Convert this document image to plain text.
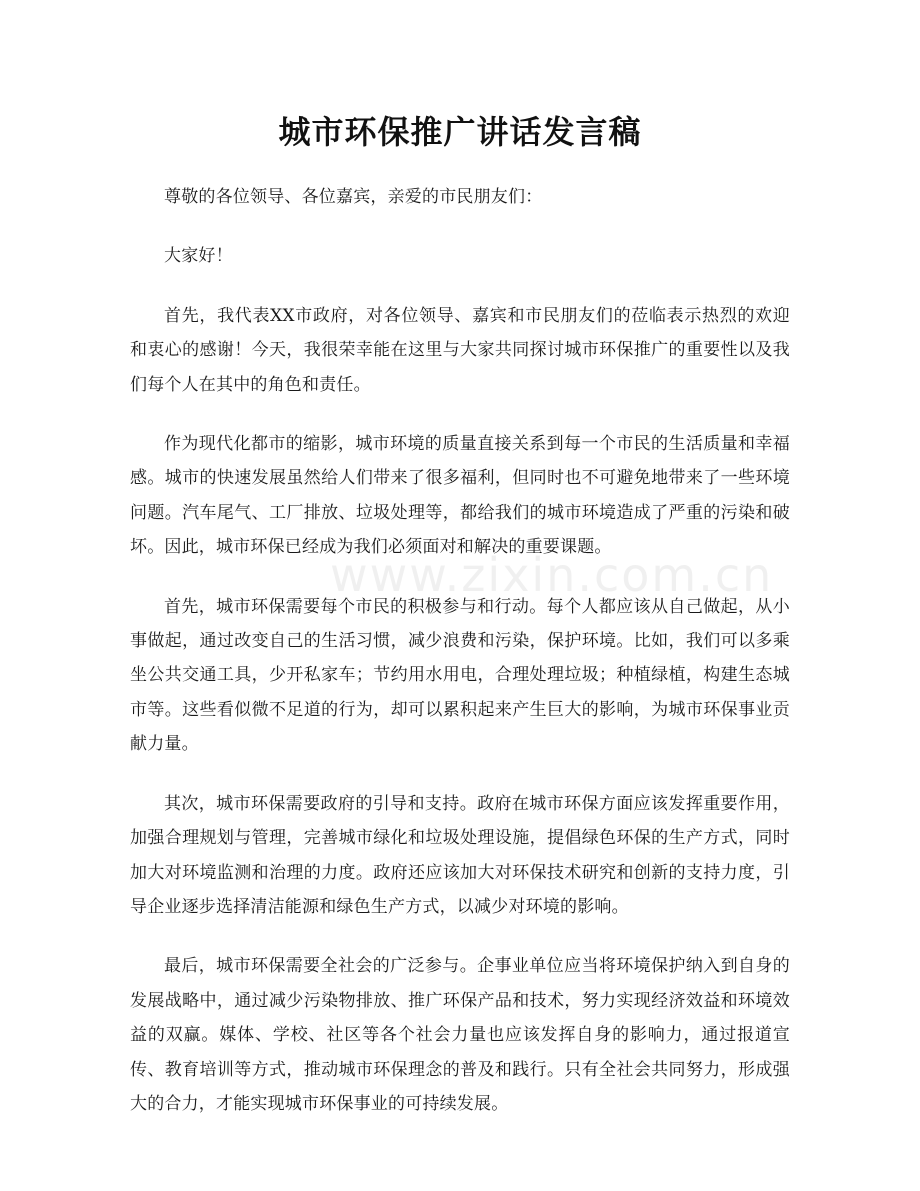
城市环保推广讲话发言稿

尊敬的各位领导、各位嘉宾，亲爱的市民朋友们：

大家好！

首先，我代表XX市政府，对各位领导、嘉宾和市民朋友们的莅临表示热烈的欢迎和衷心的感谢！今天，我很荣幸能在这里与大家共同探讨城市环保推广的重要性以及我们每个人在其中的角色和责任。

作为现代化都市的缩影，城市环境的质量直接关系到每一个市民的生活质量和幸福感。城市的快速发展虽然给人们带来了很多福利，但同时也不可避免地带来了一些环境问题。汽车尾气、工厂排放、垃圾处理等，都给我们的城市环境造成了严重的污染和破坏。因此，城市环保已经成为我们必须面对和解决的重要课题。

首先，城市环保需要每个市民的积极参与和行动。每个人都应该从自己做起，从小事做起，通过改变自己的生活习惯，减少浪费和污染，保护环境。比如，我们可以多乘坐公共交通工具，少开私家车；节约用水用电，合理处理垃圾；种植绿植，构建生态城市等。这些看似微不足道的行为，却可以累积起来产生巨大的影响，为城市环保事业贡献力量。

其次，城市环保需要政府的引导和支持。政府在城市环保方面应该发挥重要作用，加强合理规划与管理，完善城市绿化和垃圾处理设施，提倡绿色环保的生产方式，同时加大对环境监测和治理的力度。政府还应该加大对环保技术研究和创新的支持力度，引导企业逐步选择清洁能源和绿色生产方式，以减少对环境的影响。

最后，城市环保需要全社会的广泛参与。企事业单位应当将环境保护纳入到自身的发展战略中，通过减少污染物排放、推广环保产品和技术，努力实现经济效益和环境效益的双赢。媒体、学校、社区等各个社会力量也应该发挥自身的影响力，通过报道宣传、教育培训等方式，推动城市环保理念的普及和践行。只有全社会共同努力，形成强大的合力，才能实现城市环保事业的可持续发展。

www.zixin.com.cn
